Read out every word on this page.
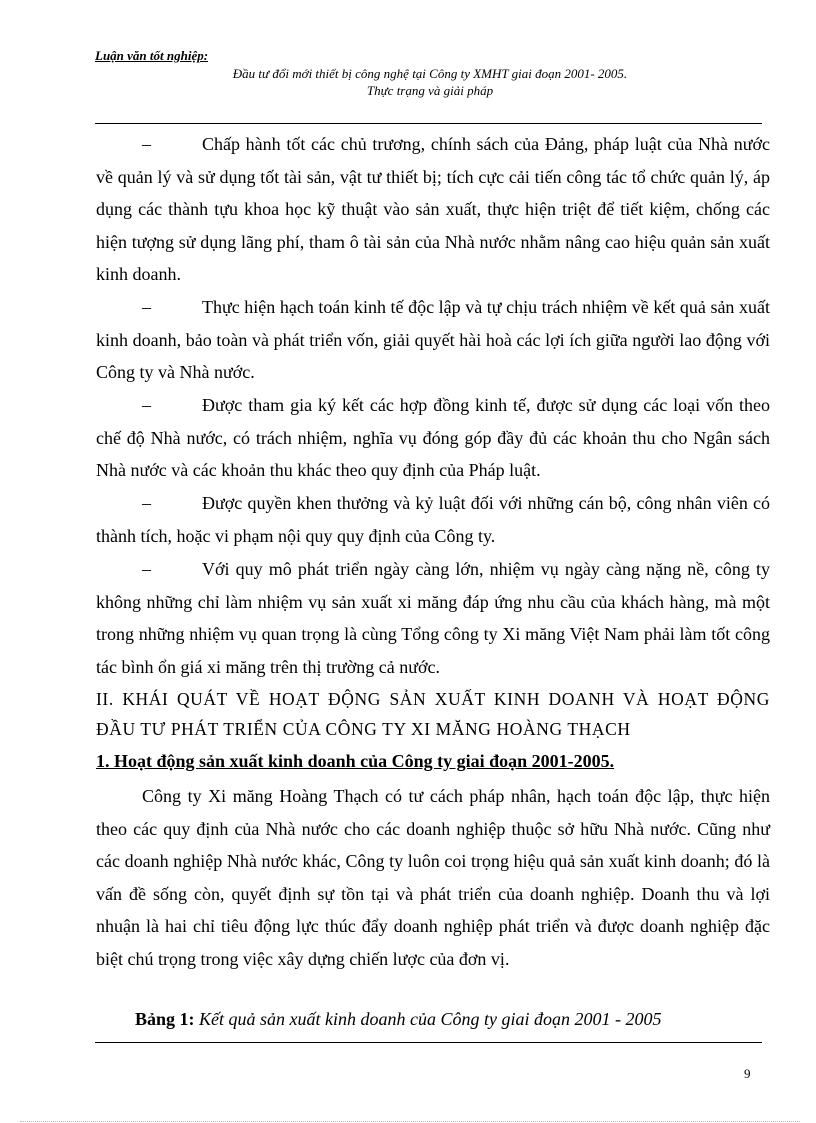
Luận văn tốt nghiệp:
Đầu tư đổi mới thiết bị công nghệ tại Công ty XMHT giai đoạn 2001- 2005.
Thực trạng và giải pháp

–	Chấp hành tốt các chủ trương, chính sách của Đảng, pháp luật của Nhà nước về quản lý và sử dụng tốt tài sản, vật tư thiết bị; tích cực cải tiến công tác tổ chức quản lý, áp dụng các thành tựu khoa học kỹ thuật vào sản xuất, thực hiện triệt để tiết kiệm, chống các hiện tượng sử dụng lãng phí, tham ô tài sản của Nhà nước nhằm nâng cao hiệu quản sản xuất kinh doanh.

–	Thực hiện hạch toán kinh tế độc lập và tự chịu trách nhiệm về kết quả sản xuất kinh doanh, bảo toàn và phát triển vốn, giải quyết hài hoà các lợi ích giữa người lao động với Công ty và Nhà nước.

–	Được tham gia ký kết các hợp đồng kinh tế, được sử dụng các loại vốn theo chế độ Nhà nước, có trách nhiệm, nghĩa vụ đóng góp đầy đủ các khoản thu cho Ngân sách Nhà nước và các khoản thu khác theo quy định của Pháp luật.

–	Được quyền khen thưởng và kỷ luật đối với những cán bộ, công nhân viên có thành tích, hoặc vi phạm nội quy quy định của Công ty.

–	Với quy mô phát triển ngày càng lớn, nhiệm vụ ngày càng nặng nề, công ty không những chỉ làm nhiệm vụ sản xuất xi măng đáp ứng nhu cầu của khách hàng, mà một trong những nhiệm vụ quan trọng là cùng Tổng công ty Xi măng Việt Nam phải làm tốt công tác bình ổn giá xi măng trên thị trường cả nước.

II. KHÁI QUÁT VỀ HOẠT ĐỘNG SẢN XUẤT KINH DOANH VÀ HOẠT ĐỘNG ĐẦU TƯ PHÁT TRIỂN CỦA CÔNG TY XI MĂNG HOÀNG THẠCH

1. Hoạt động sản xuất kinh doanh của Công ty giai đoạn 2001-2005.

Công ty Xi măng Hoàng Thạch có tư cách pháp nhân, hạch toán độc lập, thực hiện theo các quy định của Nhà nước cho các doanh nghiệp thuộc sở hữu Nhà nước. Cũng như các doanh nghiệp Nhà nước khác, Công ty luôn coi trọng hiệu quả sản xuất kinh doanh; đó là vấn đề sống còn, quyết định sự tồn tại và phát triển của doanh nghiệp. Doanh thu và lợi nhuận là hai chỉ tiêu động lực thúc đẩy doanh nghiệp phát triển và được doanh nghiệp đặc biệt chú trọng trong việc xây dựng chiến lược của đơn vị.

Bảng 1: Kết quả sản xuất kinh doanh của Công ty giai đoạn 2001 - 2005
9
